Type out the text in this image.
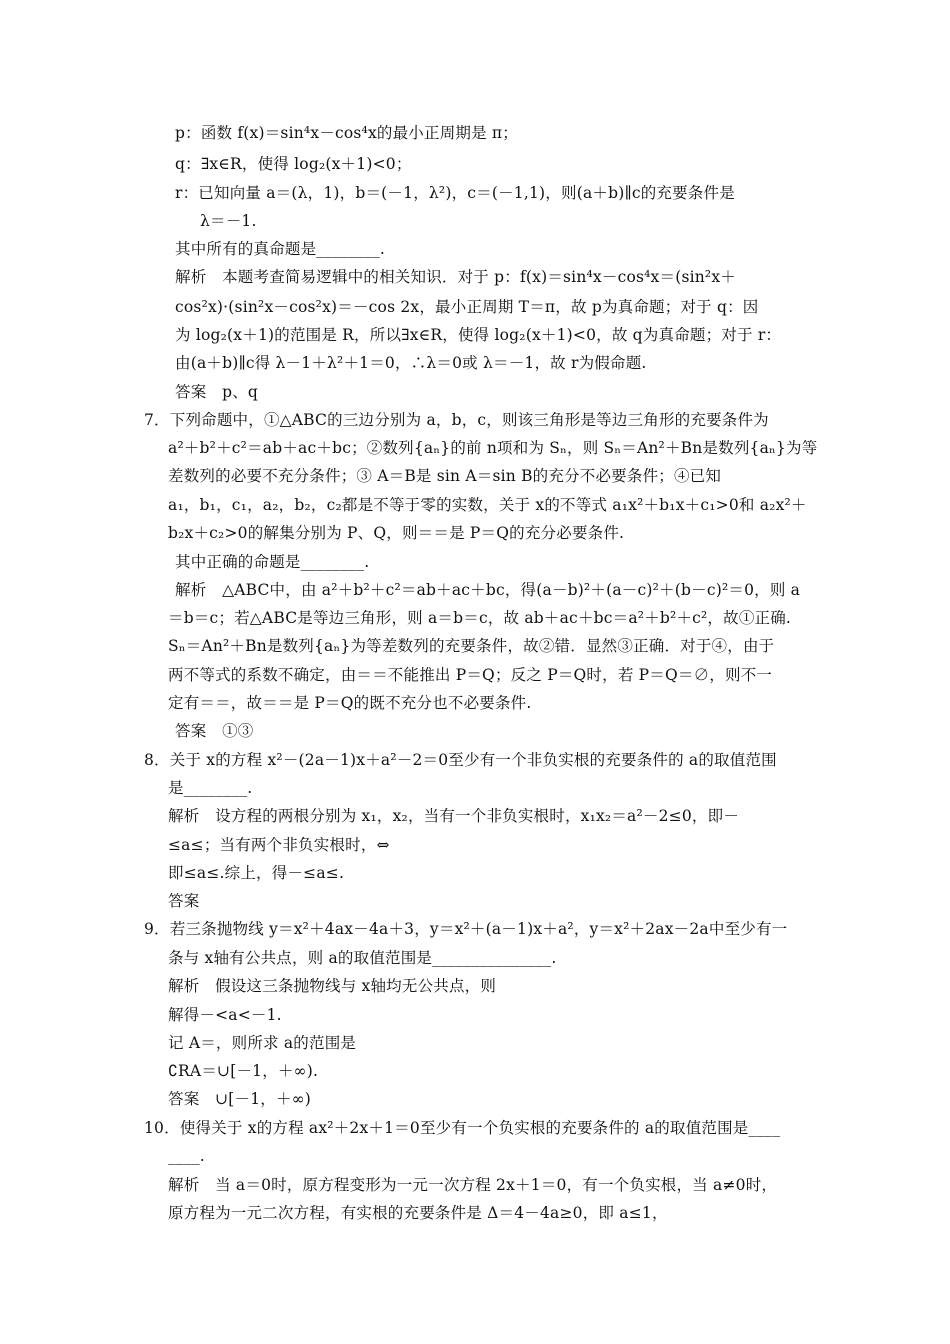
p：函数 f(x)＝sin⁴x－cos⁴x的最小正周期是 π；
q：∃x∈R，使得 log₂(x＋1)<0；
r：已知向量 a＝(λ，1)，b＝(－1，λ²)，c＝(－1,1)，则(a＋b)∥c的充要条件是
λ＝－1.
其中所有的真命题是________.
解析　本题考查简易逻辑中的相关知识．对于 p：f(x)＝sin⁴x－cos⁴x＝(sin²x＋
cos²x)·(sin²x－cos²x)＝－cos 2x，最小正周期 T＝π，故 p为真命题；对于 q：因
为 log₂(x＋1)的范围是 R，所以∃x∈R，使得 log₂(x＋1)<0，故 q为真命题；对于 r：
由(a＋b)∥c得 λ－1＋λ²＋1＝0，∴λ＝0或 λ＝－1，故 r为假命题.
答案　p、q
7．下列命题中，①△ABC的三边分别为 a，b，c，则该三角形是等边三角形的充要条件为
a²＋b²＋c²＝ab＋ac＋bc；②数列{aₙ}的前 n项和为 Sₙ，则 Sₙ＝An²＋Bn是数列{aₙ}为等
差数列的必要不充分条件；③ A＝B是 sin A＝sin B的充分不必要条件；④已知
a₁，b₁，c₁，a₂，b₂，c₂都是不等于零的实数，关于 x的不等式 a₁x²＋b₁x＋c₁>0和 a₂x²＋
b₂x＋c₂>0的解集分别为 P、Q，则＝＝是 P＝Q的充分必要条件.
其中正确的命题是________.
解析　△ABC中，由 a²＋b²＋c²＝ab＋ac＋bc，得(a－b)²＋(a－c)²＋(b－c)²＝0，则 a
＝b＝c；若△ABC是等边三角形，则 a＝b＝c，故 ab＋ac＋bc＝a²＋b²＋c²，故①正确.
Sₙ＝An²＋Bn是数列{aₙ}为等差数列的充要条件，故②错．显然③正确．对于④，由于
两不等式的系数不确定，由＝＝不能推出 P＝Q；反之 P＝Q时，若 P＝Q＝∅，则不一
定有＝＝，故＝＝是 P＝Q的既不充分也不必要条件.
答案　①③
8．关于 x的方程 x²－(2a－1)x＋a²－2＝0至少有一个非负实根的充要条件的 a的取值范围
是________.
解析　设方程的两根分别为 x₁，x₂，当有一个非负实根时，x₁x₂＝a²－2≤0，即－
≤a≤；当有两个非负实根时，⇔
即≤a≤.综上，得－≤a≤.
答案
9．若三条抛物线 y＝x²＋4ax－4a＋3，y＝x²＋(a－1)x＋a²，y＝x²＋2ax－2a中至少有一
条与 x轴有公共点，则 a的取值范围是_______________.
解析　假设这三条抛物线与 x轴均无公共点，则
解得－<a<－1.
记 A＝，则所求 a的范围是
∁RA＝∪[－1，＋∞).
答案　∪[－1，＋∞)
10．使得关于 x的方程 ax²＋2x＋1＝0至少有一个负实根的充要条件的 a的取值范围是____
____.
解析　当 a＝0时，原方程变形为一元一次方程 2x＋1＝0，有一个负实根，当 a≠0时，
原方程为一元二次方程，有实根的充要条件是 Δ＝4－4a≥0，即 a≤1，
